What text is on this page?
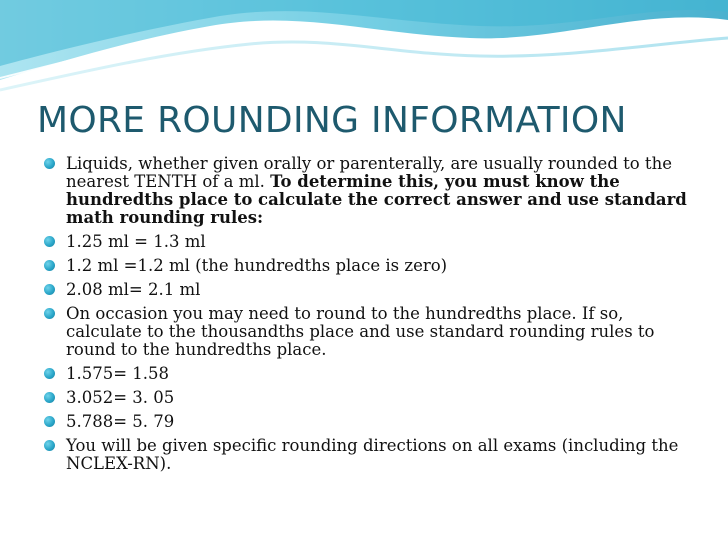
MORE ROUNDING INFORMATION
Liquids, whether given orally or parenterally, are usually rounded to the nearest TENTH of a ml. To determine this, you must know the hundredths place to calculate the correct answer and use standard math rounding rules:
1.25 ml = 1.3 ml
1.2 ml =1.2 ml (the hundredths place is zero)
2.08 ml= 2.1 ml
On occasion you may need to round to the hundredths place. If so, calculate to the thousandths place and use standard rounding rules to round to the hundredths place.
1.575= 1.58
3.052= 3. 05
5.788= 5. 79
You will be given specific rounding directions on all exams (including the NCLEX-RN).
